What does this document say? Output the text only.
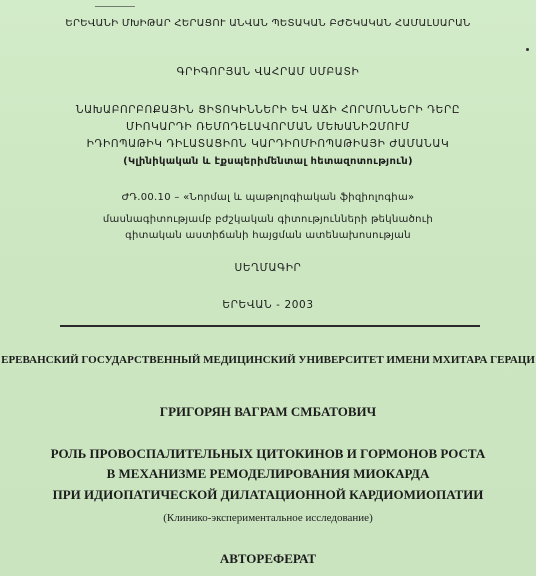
ԵՐԵՎԱՆԻ ՄԽԻԹԱՐ ՀԵՐԱՑՈՒ ԱՆՎԱՆ ՊԵՏԱԿԱՆ ԲԺՇԿԱԿԱՆ ՀԱՄԱԼՍԱՐԱՆ
ԳՐԻԳՈՐՅԱՆ ՎԱՀՐԱՄ ՍՄԲԱՏԻ
ՆԱԽԱԲՈՐԲՈՔԱՅԻՆ ՑԻՏՈԿԻՆՆԵՐԻ ԵՎ ԱՃԻ ՀՈՐՄՈՆՆԵՐԻ ԴԵՐԸ
ՄԻՈԿԱՐԴԻ ՌԵՄՈԴԵԼԱՎՈՐՄԱՆ ՄԵԽԱՆԻԶՄՈՒՄ
ԻԴԻՈՊԱԹԻԿ ԴԻԼԱՏԱՑԻՈՆ ԿԱՐԴԻՈՄԻՈՊԱԹԻԱՅԻ ԺԱՄԱՆԱԿ
(Կլինիկական և էքսպերիմենտալ հետազոտություն)
ԺԴ.00.10 – «Նորմալ և պաթոլոգիական ֆիզիոլոգիա»
մասնագիտությամբ բժշկական գիտությունների թեկնածուի
գիտական աստիճանի հայցման ատենախոսության
ՍԵՂՄԱԳԻՐ
ԵՐԵՎԱՆ - 2003
ЕРЕВАНСКИЙ ГОСУДАРСТВЕННЫЙ МЕДИЦИНСКИЙ УНИВЕРСИТЕТ ИМЕНИ МХИТАРА ГЕРАЦИ
ГРИГОРЯН ВАГРАМ СМБАТОВИЧ
РОЛЬ ПРОВОСПАЛИТЕЛЬНЫХ ЦИТОКИНОВ И ГОРМОНОВ РОСТА
В МЕХАНИЗМЕ РЕМОДЕЛИРОВАНИЯ МИОКАРДА
ПРИ ИДИОПАТИЧЕСКОЙ ДИЛАТАЦИОННОЙ КАРДИОМИОПАТИИ
(Клинико-экспериментальное исследование)
АВТОРЕФЕРАТ
